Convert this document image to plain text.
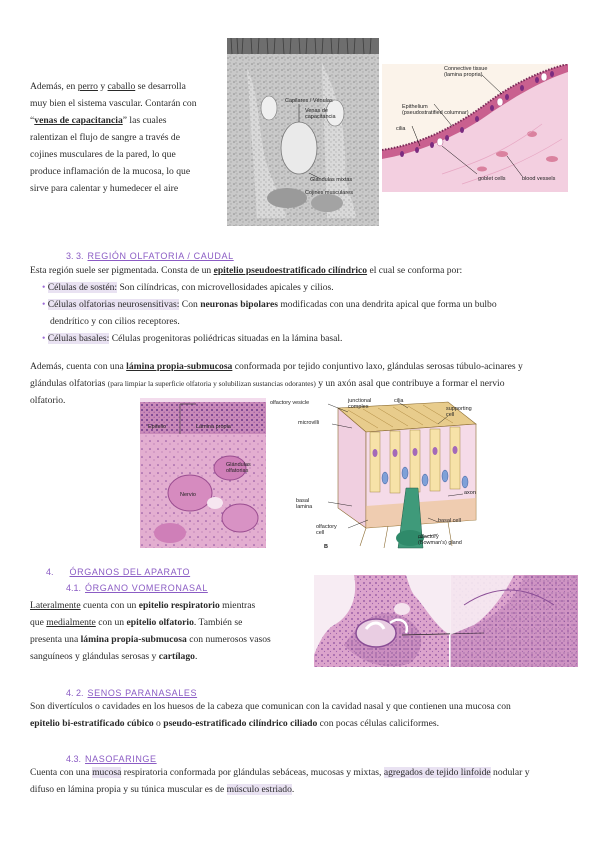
Además, en perro y caballo se desarrolla
muy bien el sistema vascular. Contarán con
“venas de capacitancia” las cuales
ralentizan el flujo de sangre a través de
cojines musculares de la pared, lo que
produce inflamación de la mucosa, lo que
sirve para calentar y humedecer el aire
Capilares / Vénulas
Venas de
capacitancia
Glándulas mixtas
Cojines musculares
Connective tissue
(lamina propria)
Epithelium
(pseudostratified columnar)
cilia
goblet cells	blood vessels
3. 3. REGIÓN OLFATORIA / CAUDAL
Esta región suele ser pigmentada. Consta de un epitelio pseudoestratificado cilíndrico el cual se conforma por:
• Células de sostén: Son cilíndricas, con microvellosidades apicales y cilios.
• Células olfatorias neurosensitivas: Con neuronas bipolares modificadas con una dendrita apical que forma un bulbo
dendrítico y con cilios receptores.
• Células basales: Células progenitoras poliédricas situadas en la lámina basal.
Además, cuenta con una lámina propia-submucosa conformada por tejido conjuntivo laxo, glándulas serosas túbulo-acinares y
glándulas olfatorias (para limpiar la superficie olfatoria y solubilizan sustancias odorantes) y un axón asal que contribuye a formar el nervio
olfatorio.
Epitelio	Lámina propia
Glándulas
olfatorias
Nervio
olfactory vesicle	junctional
complex
cilia
supporting
cell
microvilli
axon
basal
lamina
basal cell
olfactory
cell
olfactory
(Bowman's) gland
B
4. ÓRGANOS DEL APARATO
4.1. ÓRGANO VOMERONASAL
Lateralmente cuenta con un epitelio respiratorio mientras
que medialmente con un epitelio olfatorio. También se
presenta una lámina propia-submucosa con numerosos vasos
sanguíneos y glándulas serosas y cartílago.
4. 2. SENOS PARANASALES
Son divertículos o cavidades en los huesos de la cabeza que comunican con la cavidad nasal y que contienen una mucosa con
epitelio bi-estratificado cúbico o pseudo-estratificado cilíndrico ciliado con pocas células caliciformes.
4.3. NASOFARINGE
Cuenta con una mucosa respiratoria conformada por glándulas sebáceas, mucosas y mixtas, agregados de tejido linfoide nodular y
difuso en lámina propia y su túnica muscular es de músculo estriado.
